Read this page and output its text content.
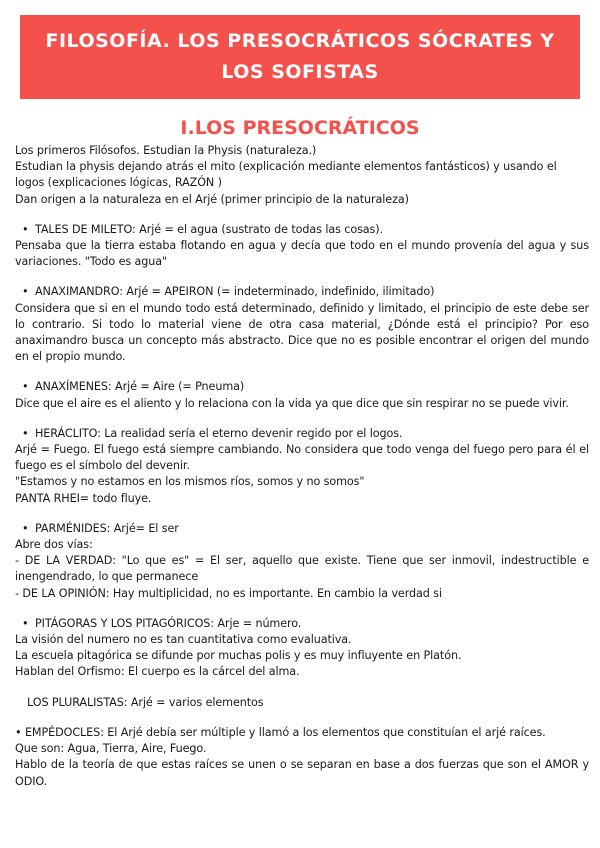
FILOSOFÍA. LOS PRESOCRÁTICOS SÓCRATES Y LOS SOFISTAS
I.LOS PRESOCRÁTICOS

Los primeros Filósofos. Estudian la Physis (naturaleza.)

Estudian la physis dejando atrás el mito (explicación mediante elementos fantásticos) y usando el logos (explicaciones lógicas, RAZÓN )

Dan origen a la naturaleza en el Arjé (primer principio de la naturaleza)

• TALES DE MILETO: Arjé = el agua (sustrato de todas las cosas).

Pensaba que la tierra estaba flotando en agua y decía que todo en el mundo provenía del agua y sus variaciones. "Todo es agua"

• ANAXIMANDRO: Arjé = APEIRON (= indeterminado, indefinido, ilimitado)

Considera que si en el mundo todo está determinado, definido y limitado, el principio de este debe ser lo contrario. Si todo lo material viene de otra casa material, ¿Dónde está el principio? Por eso anaximandro busca un concepto más abstracto. Dice que no es posible encontrar el origen del mundo en el propio mundo.

• ANAXÍMENES: Arjé = Aire (= Pneuma)

Dice que el aire es el aliento y lo relaciona con la vida ya que dice que sin respirar no se puede vivir.

• HERÁCLITO: La realidad sería el eterno devenir regido por el logos.

Arjé = Fuego. El fuego está siempre cambiando. No considera que todo venga del fuego pero para él el fuego es el símbolo del devenir.

"Estamos y no estamos en los mismos ríos, somos y no somos"

PANTA RHEI= todo fluye.

• PARMÉNIDES: Arjé= El ser

Abre dos vías:

- DE LA VERDAD: "Lo que es" = El ser, aquello que existe. Tiene que ser inmovil, indestructible e inengendrado, lo que permanece

- DE LA OPINIÓN: Hay multiplicidad, no es importante. En cambio la verdad si

• PITÁGORAS Y LOS PITAGÓRICOS: Arje = número.

La visión del numero no es tan cuantitativa como evaluativa.

La escuela pitagórica se difunde por muchas polis y es muy influyente en Platón.

Hablan del Orfismo: El cuerpo es la cárcel del alma.

LOS PLURALISTAS: Arjé = varios elementos

• EMPÉDOCLES: El Arjé debía ser múltiple y llamó a los elementos que constituían el arjé raíces.

Que son: Agua, Tierra, Aire, Fuego.

Hablo de la teoría de que estas raíces se unen o se separan en base a dos fuerzas que son el AMOR y ODIO.
